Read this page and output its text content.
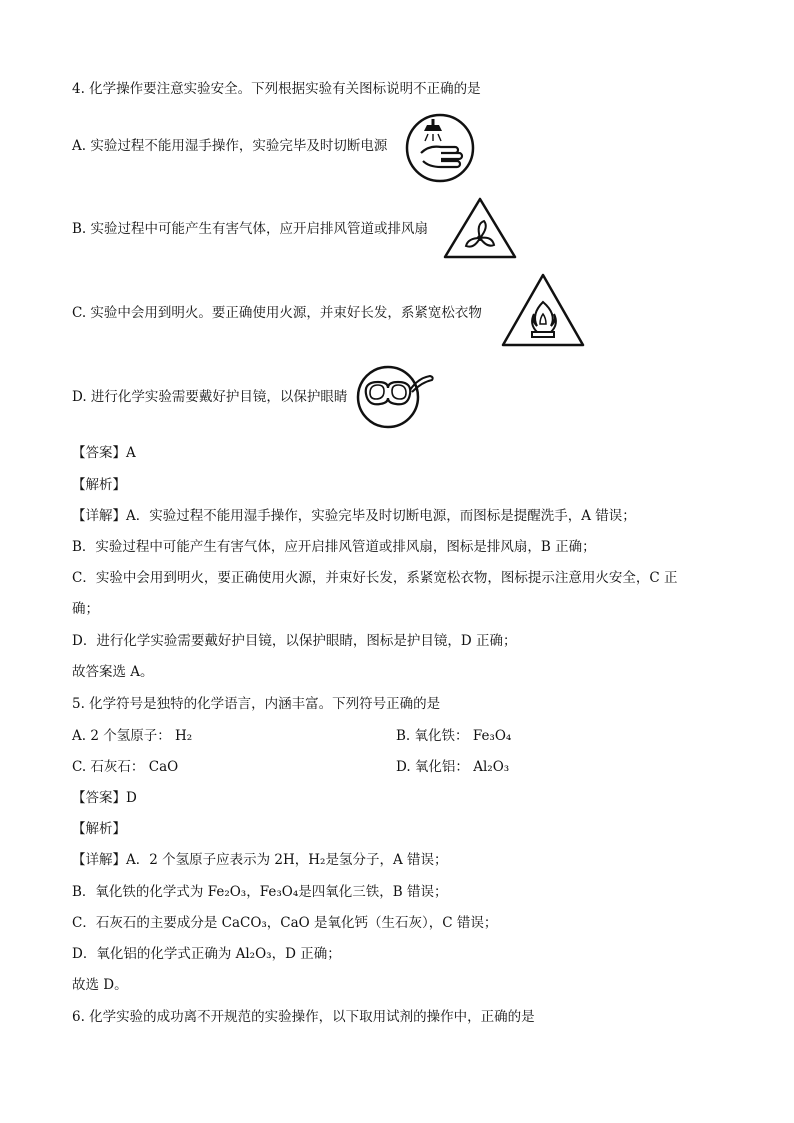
4. 化学操作要注意实验安全。下列根据实验有关图标说明不正确的是
A. 实验过程不能用湿手操作，实验完毕及时切断电源
B. 实验过程中可能产生有害气体，应开启排风管道或排风扇
C. 实验中会用到明火。要正确使用火源，并束好长发，系紧宽松衣物
D. 进行化学实验需要戴好护目镜，以保护眼睛
【答案】A
【解析】
【详解】A．实验过程不能用湿手操作，实验完毕及时切断电源，而图标是提醒洗手，A 错误；
B．实验过程中可能产生有害气体，应开启排风管道或排风扇，图标是排风扇，B 正确；
C．实验中会用到明火，要正确使用火源，并束好长发，系紧宽松衣物，图标提示注意用火安全，C 正
确；
D．进行化学实验需要戴好护目镜，以保护眼睛，图标是护目镜，D 正确；
故答案选 A。
5. 化学符号是独特的化学语言，内涵丰富。下列符号正确的是
A. 2 个氢原子： H₂	B. 氧化铁： Fe₃O₄
C. 石灰石： CaO	D. 氧化铝： Al₂O₃
【答案】D
【解析】
【详解】A．2 个氢原子应表示为 2H，H₂是氢分子，A 错误；
B．氧化铁的化学式为 Fe₂O₃，Fe₃O₄是四氧化三铁，B 错误；
C．石灰石的主要成分是 CaCO₃，CaO 是氧化钙（生石灰），C 错误；
D．氧化铝的化学式正确为 Al₂O₃，D 正确；
故选 D。
6. 化学实验的成功离不开规范的实验操作，以下取用试剂的操作中，正确的是
